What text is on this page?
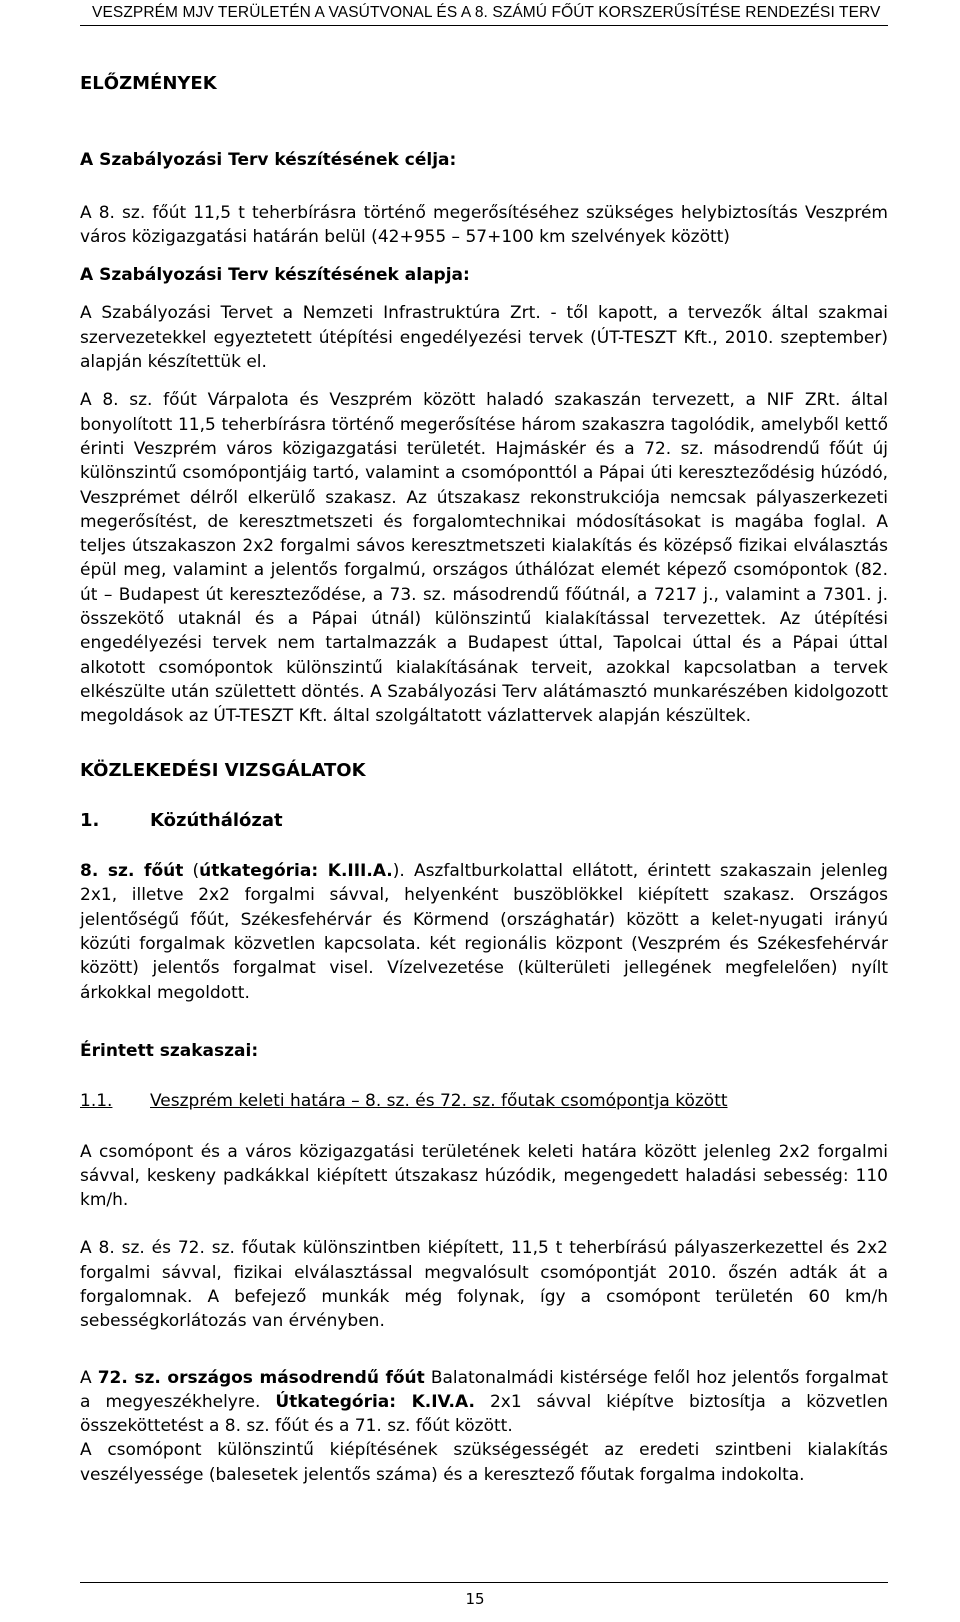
VESZPRÉM MJV TERÜLETÉN A VASÚTVONAL ÉS A 8. SZÁMÚ FŐÚT KORSZERŰSÍTÉSE RENDEZÉSI TERV

ELŐZMÉNYEK

A Szabályozási Terv készítésének célja:

A 8. sz. főút 11,5 t teherbírásra történő megerősítéséhez szükséges helybiztosítás Veszprém város közigazgatási határán belül (42+955 – 57+100 km szelvények között)

A Szabályozási Terv készítésének alapja:

A Szabályozási Tervet a Nemzeti Infrastruktúra Zrt. - től kapott, a tervezők által szakmai szervezetekkel egyeztetett útépítési engedélyezési tervek (ÚT-TESZT Kft., 2010. szeptember) alapján készítettük el.

A 8. sz. főút Várpalota és Veszprém között haladó szakaszán tervezett, a NIF ZRt. által bonyolított 11,5 teherbírásra történő megerősítése három szakaszra tagolódik, amelyből kettő érinti Veszprém város közigazgatási területét. Hajmáskér és a 72. sz. másodrendű főút új különszintű csomópontjáig tartó, valamint a csomóponttól a Pápai úti kereszteződésig húzódó, Veszprémet délről elkerülő szakasz. Az útszakasz rekonstrukciója nemcsak pályaszerkezeti megerősítést, de keresztmetszeti és forgalomtechnikai módosításokat is magába foglal. A teljes útszakaszon 2x2 forgalmi sávos keresztmetszeti kialakítás és középső fizikai elválasztás épül meg, valamint a jelentős forgalmú, országos úthálózat elemét képező csomópontok (82. út – Budapest út kereszteződése, a 73. sz. másodrendű főútnál, a 7217 j., valamint a 7301. j. összekötő utaknál és a Pápai útnál) különszintű kialakítással tervezettek. Az útépítési engedélyezési tervek nem tartalmazzák a Budapest úttal, Tapolcai úttal és a Pápai úttal alkotott csomópontok különszintű kialakításának terveit, azokkal kapcsolatban a tervek elkészülte után születtett döntés. A Szabályozási Terv alátámasztó munkarészében kidolgozott megoldások az ÚT-TESZT Kft. által szolgáltatott vázlattervek alapján készültek.

KÖZLEKEDÉSI VIZSGÁLATOK

1.	Közúthálózat

8. sz. főút (útkategória: K.III.A.). Aszfaltburkolattal ellátott, érintett szakaszain jelenleg 2x1, illetve 2x2 forgalmi sávval, helyenként buszöblökkel kiépített szakasz. Országos jelentőségű főút, Székesfehérvár és Körmend (országhatár) között a kelet-nyugati irányú közúti forgalmak közvetlen kapcsolata. két regionális központ (Veszprém és Székesfehérvár között) jelentős forgalmat visel. Vízelvezetése (külterületi jellegének megfelelően) nyílt árkokkal megoldott.

Érintett szakaszai:

1.1. Veszprém keleti határa – 8. sz. és 72. sz. főutak csomópontja között

A csomópont és a város közigazgatási területének keleti határa között jelenleg 2x2 forgalmi sávval, keskeny padkákkal kiépített útszakasz húzódik, megengedett haladási sebesség: 110 km/h.

A 8. sz. és 72. sz. főutak különszintben kiépített, 11,5 t teherbírású pályaszerkezettel és 2x2 forgalmi sávval, fizikai elválasztással megvalósult csomópontját 2010. őszén adták át a forgalomnak. A befejező munkák még folynak, így a csomópont területén 60 km/h sebességkorlátozás van érvényben.

A 72. sz. országos másodrendű főút Balatonalmádi kistérsége felől hoz jelentős forgalmat a megyeszékhelyre. Útkategória: K.IV.A. 2x1 sávval kiépítve biztosítja a közvetlen összeköttetést a 8. sz. főút és a 71. sz. főút között.

A csomópont különszintű kiépítésének szükségességét az eredeti szintbeni kialakítás veszélyessége (balesetek jelentős száma) és a keresztező főutak forgalma indokolta.

15
